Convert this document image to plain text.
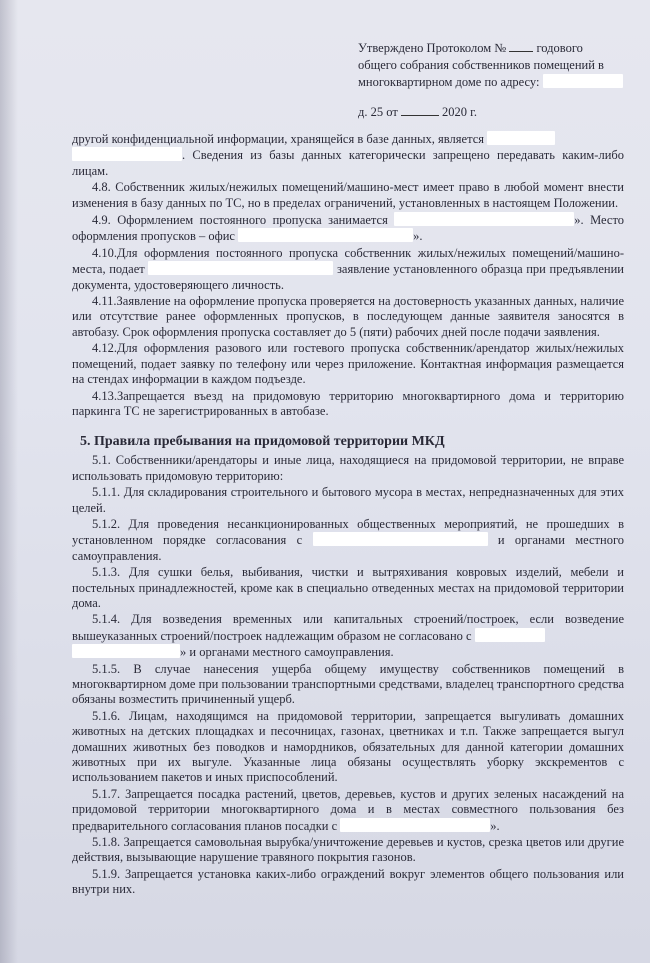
Утверждено Протоколом № годового
общего собрания собственников помещений в
многоквартирном доме по адресу:
д. 25 от	2020 г.

другой конфиденциальной информации, хранящейся в базе данных, является
. Сведения из базы данных категорически запрещено передавать каким-либо лицам.

4.8. Собственник жилых/нежилых помещений/машино-мест имеет право в любой момент внести изменения в базу данных по ТС, но в пределах ограничений, установленных в настоящем Положении.

4.9. Оформлением постоянного пропуска занимается	». Место оформления пропусков – офис	».

4.10.Для оформления постоянного пропуска собственник жилых/нежилых помещений/машино-места, подает	заявление установленного образца при предъявлении документа, удостоверяющего личность.

4.11.Заявление на оформление пропуска проверяется на достоверность указанных данных, наличие или отсутствие ранее оформленных пропусков, в последующем данные заявителя заносятся в автобазу. Срок оформления пропуска составляет до 5 (пяти) рабочих дней после подачи заявления.

4.12.Для оформления разового или гостевого пропуска собственник/арендатор жилых/нежилых помещений, подает заявку по телефону или через приложение. Контактная информация размещается на стендах информации в каждом подъезде.

4.13.Запрещается въезд на придомовую территорию многоквартирного дома и территорию паркинга ТС не зарегистрированных в автобазе.

5. Правила пребывания на придомовой территории МКД

5.1. Собственники/арендаторы и иные лица, находящиеся на придомовой территории, не вправе использовать придомовую территорию:

5.1.1. Для складирования строительного и бытового мусора в местах, непредназначенных для этих целей.

5.1.2. Для проведения несанкционированных общественных мероприятий, не прошедших в установленном порядке согласования с	и органами местного самоуправления.

5.1.3. Для сушки белья, выбивания, чистки и вытряхивания ковровых изделий, мебели и постельных принадлежностей, кроме как в специально отведенных местах на придомовой территории дома.

5.1.4. Для возведения временных или капитальных строений/построек, если возведение вышеуказанных строений/построек надлежащим образом не согласовано с
» и органами местного самоуправления.

5.1.5. В случае нанесения ущерба общему имуществу собственников помещений в многоквартирном доме при пользовании транспортными средствами, владелец транспортного средства обязаны возместить причиненный ущерб.

5.1.6. Лицам, находящимся на придомовой территории, запрещается выгуливать домашних животных на детских площадках и песочницах, газонах, цветниках и т.п. Также запрещается выгул домашних животных без поводков и намордников, обязательных для данной категории домашних животных при их выгуле. Указанные лица обязаны осуществлять уборку экскрементов с использованием пакетов и иных приспособлений.

5.1.7. Запрещается посадка растений, цветов, деревьев, кустов и других зеленых насаждений на придомовой территории многоквартирного дома и в местах совместного пользования без предварительного согласования планов посадки с	».

5.1.8. Запрещается самовольная вырубка/уничтожение деревьев и кустов, срезка цветов или другие действия, вызывающие нарушение травяного покрытия газонов.

5.1.9. Запрещается установка каких-либо ограждений вокруг элементов общего пользования или внутри них.
